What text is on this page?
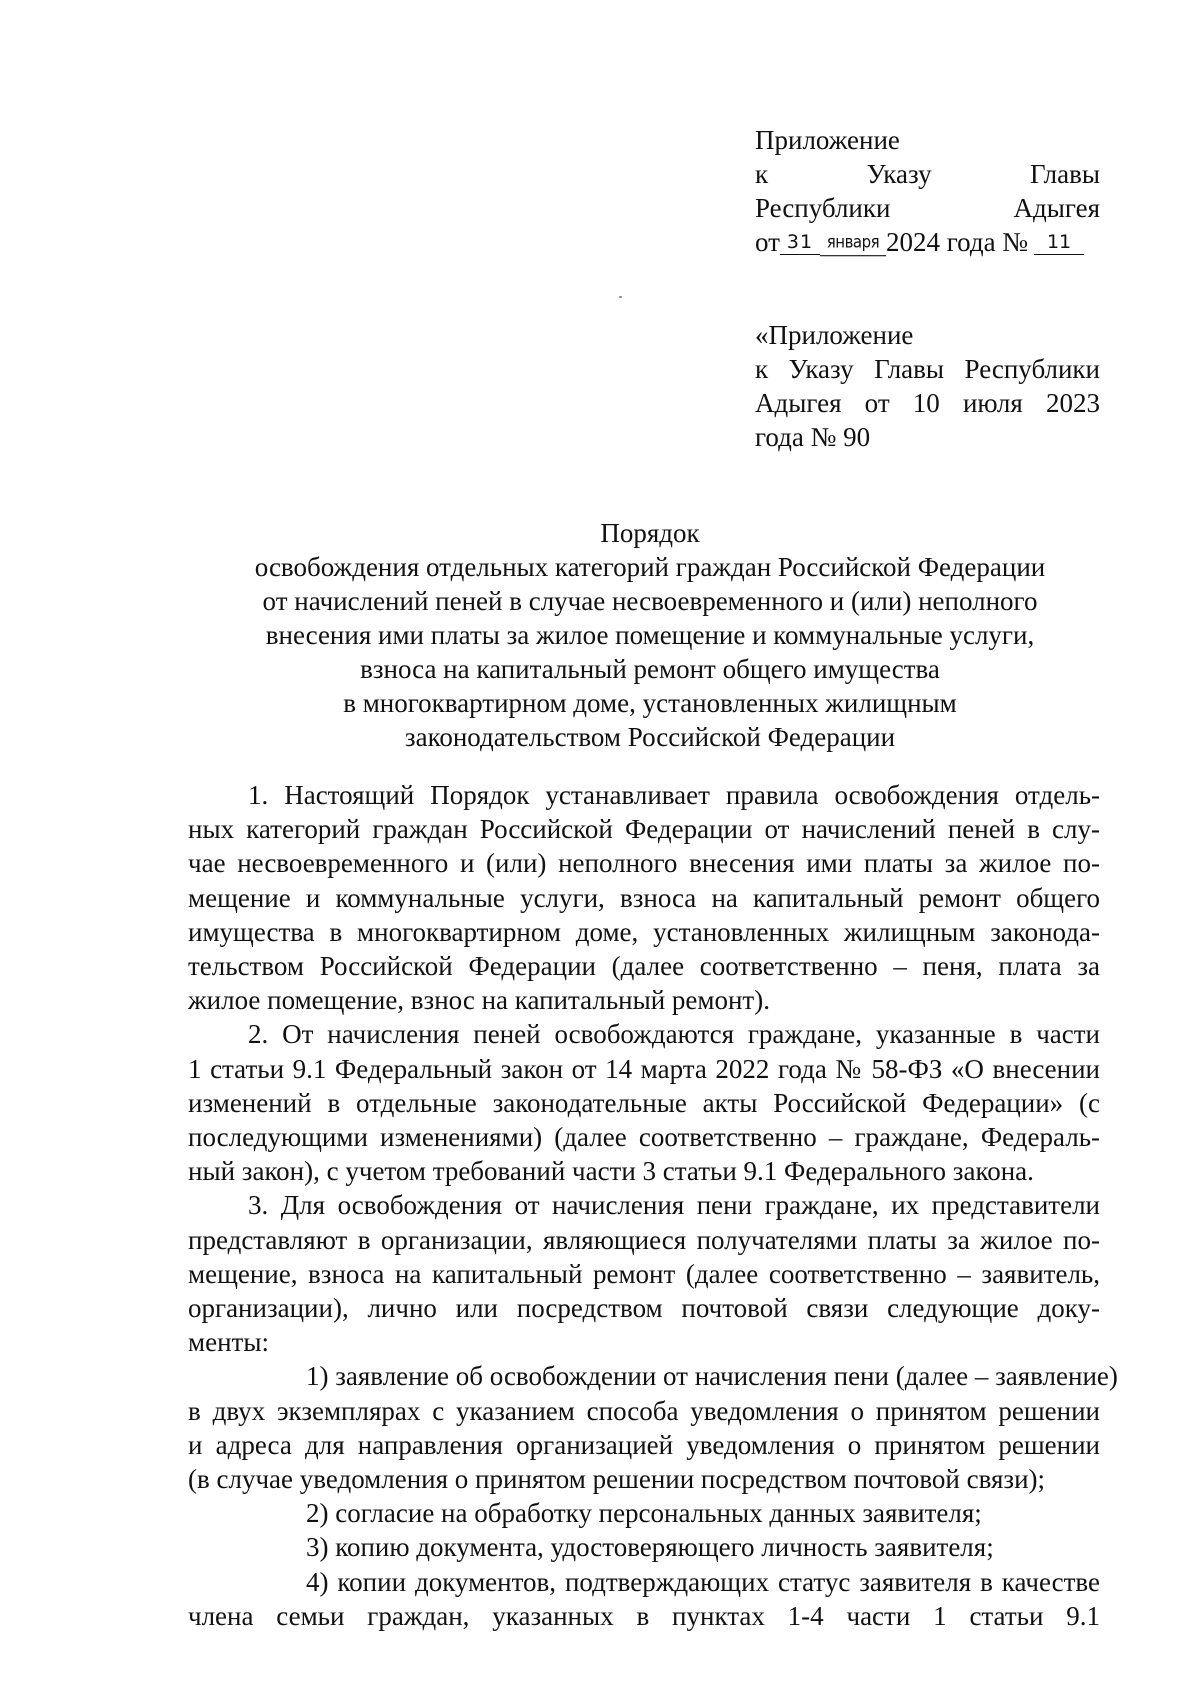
Приложение
к	Указу	Главы
Республики	Адыгея
от 31 января 2024 года № 11
«Приложение
к Указу Главы Республики
Адыгея от 10 июля 2023
года № 90
Порядок
освобождения отдельных категорий граждан Российской Федерации
от начислений пеней в случае несвоевременного и (или) неполного
внесения ими платы за жилое помещение и коммунальные услуги,
взноса на капитальный ремонт общего имущества
в многоквартирном доме, установленных жилищным
законодательством Российской Федерации
1. Настоящий Порядок устанавливает правила освобождения отдель-
ных категорий граждан Российской Федерации от начислений пеней в слу-
чае несвоевременного и (или) неполного внесения ими платы за жилое по-
мещение и коммунальные услуги, взноса на капитальный ремонт общего
имущества в многоквартирном доме, установленных жилищным законода-
тельством Российской Федерации (далее соответственно – пеня, плата за
жилое помещение, взнос на капитальный ремонт).
2. От начисления пеней освобождаются граждане, указанные в части
1 статьи 9.1 Федеральный закон от 14 марта 2022 года № 58-ФЗ «О внесении
изменений в отдельные законодательные акты Российской Федерации» (с
последующими изменениями) (далее соответственно – граждане, Федераль-
ный закон), с учетом требований части 3 статьи 9.1 Федерального закона.
3. Для освобождения от начисления пени граждане, их представители
представляют в организации, являющиеся получателями платы за жилое по-
мещение, взноса на капитальный ремонт (далее соответственно – заявитель,
организации), лично или посредством почтовой связи следующие доку-
менты:
1) заявление об освобождении от начисления пени (далее – заявление)
в двух экземплярах с указанием способа уведомления о принятом решении
и адреса для направления организацией уведомления о принятом решении
(в случае уведомления о принятом решении посредством почтовой связи);
2) согласие на обработку персональных данных заявителя;
3) копию документа, удостоверяющего личность заявителя;
4) копии документов, подтверждающих статус заявителя в качестве
члена семьи граждан, указанных в пунктах 1-4 части 1 статьи 9.1
